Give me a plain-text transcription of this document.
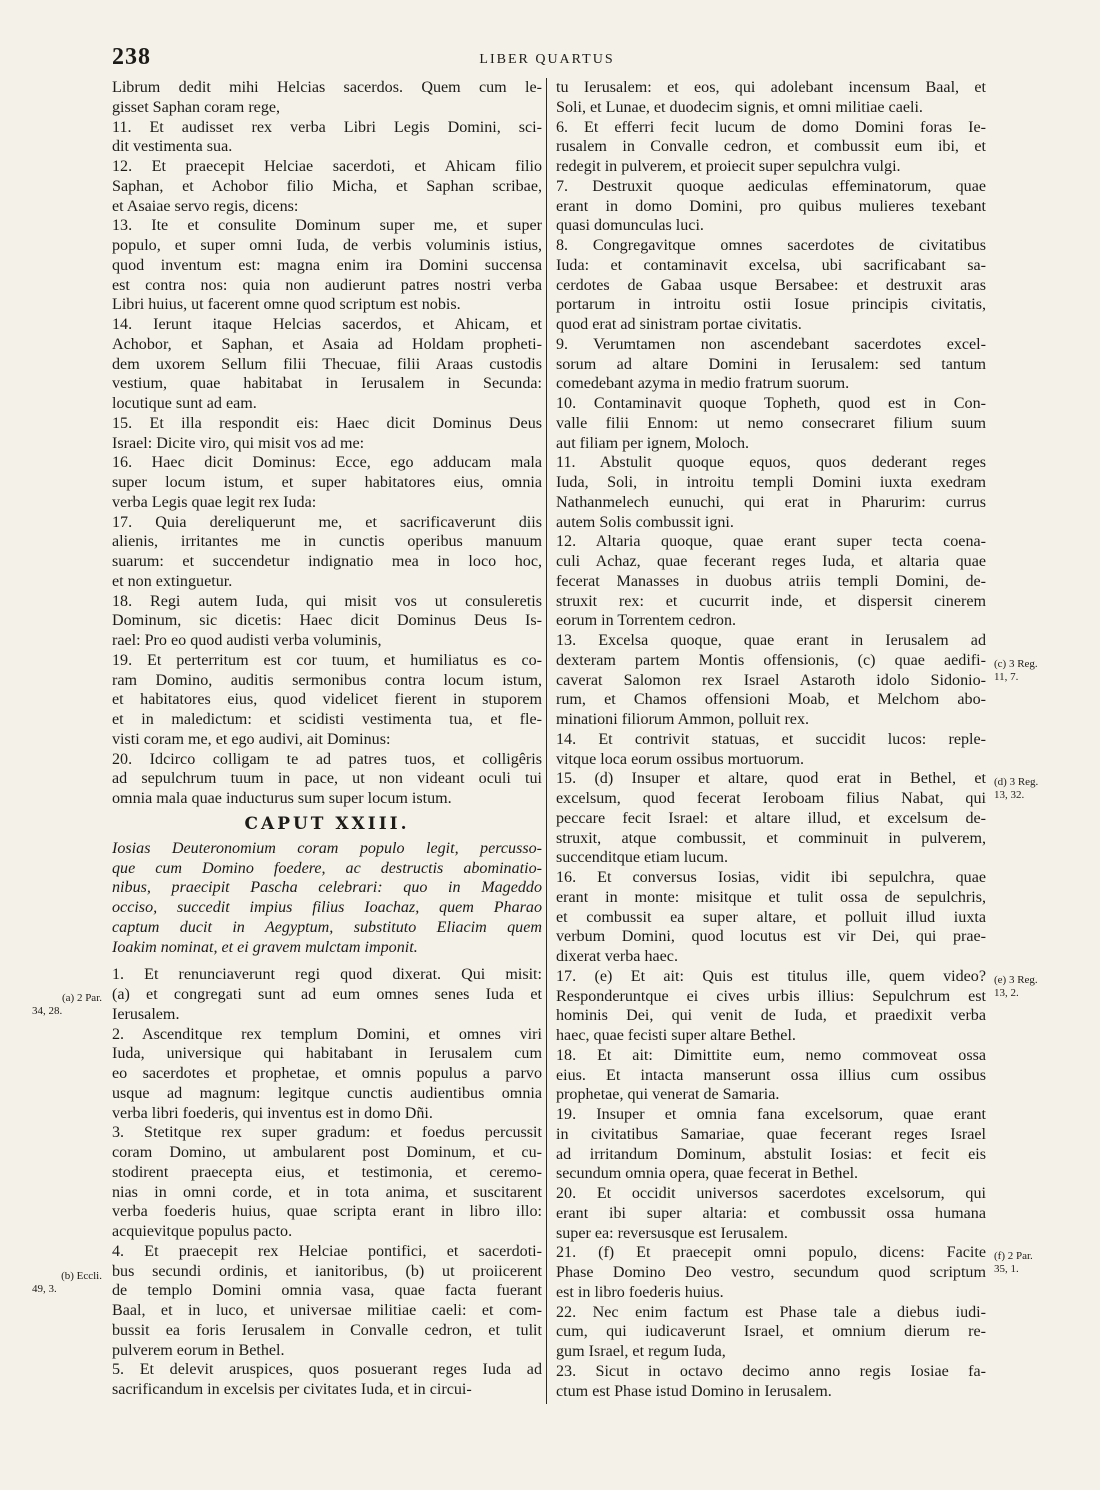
238	LIBER QUARTUS
Librum dedit mihi Helcias sacerdos. Quem cum le-
gisset Saphan coram rege,
11. Et audisset rex verba Libri Legis Domini, sci-
dit vestimenta sua.
12. Et praecepit Helciae sacerdoti, et Ahicam filio
Saphan, et Achobor filio Micha, et Saphan scribae,
et Asaiae servo regis, dicens:
13. Ite et consulite Dominum super me, et super
populo, et super omni Iuda, de verbis voluminis istius,
quod inventum est: magna enim ira Domini succensa
est contra nos: quia non audierunt patres nostri verba
Libri huius, ut facerent omne quod scriptum est nobis.
14. Ierunt itaque Helcias sacerdos, et Ahicam, et
Achobor, et Saphan, et Asaia ad Holdam propheti-
dem uxorem Sellum filii Thecuae, filii Araas custodis
vestium, quae habitabat in Ierusalem in Secunda:
locutique sunt ad eam.
15. Et illa respondit eis: Haec dicit Dominus Deus
Israel: Dicite viro, qui misit vos ad me:
16. Haec dicit Dominus: Ecce, ego adducam mala
super locum istum, et super habitatores eius, omnia
verba Legis quae legit rex Iuda:
17. Quia dereliquerunt me, et sacrificaverunt diis
alienis, irritantes me in cunctis operibus manuum
suarum: et succendetur indignatio mea in loco hoc,
et non extinguetur.
18. Regi autem Iuda, qui misit vos ut consuleretis
Dominum, sic dicetis: Haec dicit Dominus Deus Is-
rael: Pro eo quod audisti verba voluminis,
19. Et perterritum est cor tuum, et humiliatus es co-
ram Domino, auditis sermonibus contra locum istum,
et habitatores eius, quod videlicet fierent in stuporem
et in maledictum: et scidisti vestimenta tua, et fle-
visti coram me, et ego audivi, ait Dominus:
20. Idcirco colligam te ad patres tuos, et colligêris
ad sepulchrum tuum in pace, ut non videant oculi tui
omnia mala quae inducturus sum super locum istum.
CAPUT XXIII.
Iosias Deuteronomium coram populo legit, percusso-
que cum Domino foedere, ac destructis abominatio-
nibus, praecipit Pascha celebrari: quo in Mageddo
occiso, succedit impius filius Ioachaz, quem Pharao
captum ducit in Aegyptum, substituto Eliacim quem
Ioakim nominat, et ei gravem mulctam imponit.
1. Et renunciaverunt regi quod dixerat. Qui misit:
(a) et congregati sunt ad eum omnes senes Iuda et
Ierusalem.
2. Ascenditque rex templum Domini, et omnes viri
Iuda, universique qui habitabant in Ierusalem cum
eo sacerdotes et prophetae, et omnis populus a parvo
usque ad magnum: legitque cunctis audientibus omnia
verba libri foederis, qui inventus est in domo Dñi.
3. Stetitque rex super gradum: et foedus percussit
coram Domino, ut ambularent post Dominum, et cu-
stodirent praecepta eius, et testimonia, et ceremo-
nias in omni corde, et in tota anima, et suscitarent
verba foederis huius, quae scripta erant in libro illo:
acquievitque populus pacto.
4. Et praecepit rex Helciae pontifici, et sacerdoti-
bus secundi ordinis, et ianitoribus, (b) ut proiicerent
de templo Domini omnia vasa, quae facta fuerant
Baal, et in luco, et universae militiae caeli: et com-
bussit ea foris Ierusalem in Convalle cedron, et tulit
pulverem eorum in Bethel.
5. Et delevit aruspices, quos posuerant reges Iuda ad
sacrificandum in excelsis per civitates Iuda, et in circui-
tu Ierusalem: et eos, qui adolebant incensum Baal, et
Soli, et Lunae, et duodecim signis, et omni militiae caeli.
6. Et efferri fecit lucum de domo Domini foras Ie-
rusalem in Convalle cedron, et combussit eum ibi, et
redegit in pulverem, et proiecit super sepulchra vulgi.
7. Destruxit quoque aediculas effeminatorum, quae
erant in domo Domini, pro quibus mulieres texebant
quasi domunculas luci.
8. Congregavitque omnes sacerdotes de civitatibus
Iuda: et contaminavit excelsa, ubi sacrificabant sa-
cerdotes de Gabaa usque Bersabee: et destruxit aras
portarum in introitu ostii Iosue principis civitatis,
quod erat ad sinistram portae civitatis.
9. Verumtamen non ascendebant sacerdotes excel-
sorum ad altare Domini in Ierusalem: sed tantum
comedebant azyma in medio fratrum suorum.
10. Contaminavit quoque Topheth, quod est in Con-
valle filii Ennom: ut nemo consecraret filium suum
aut filiam per ignem, Moloch.
11. Abstulit quoque equos, quos dederant reges
Iuda, Soli, in introitu templi Domini iuxta exedram
Nathanmelech eunuchi, qui erat in Pharurim: currus
autem Solis combussit igni.
12. Altaria quoque, quae erant super tecta coena-
culi Achaz, quae fecerant reges Iuda, et altaria quae
fecerat Manasses in duobus atriis templi Domini, de-
struxit rex: et cucurrit inde, et dispersit cinerem
eorum in Torrentem cedron.
13. Excelsa quoque, quae erant in Ierusalem ad
dexteram partem Montis offensionis, (c) quae aedifi-
caverat Salomon rex Israel Astaroth idolo Sidonio-
rum, et Chamos offensioni Moab, et Melchom abo-
minationi filiorum Ammon, polluit rex.
14. Et contrivit statuas, et succidit lucos: reple-
vitque loca eorum ossibus mortuorum.
15. (d) Insuper et altare, quod erat in Bethel, et
excelsum, quod fecerat Ieroboam filius Nabat, qui
peccare fecit Israel: et altare illud, et excelsum de-
struxit, atque combussit, et comminuit in pulverem,
succenditque etiam lucum.
16. Et conversus Iosias, vidit ibi sepulchra, quae
erant in monte: misitque et tulit ossa de sepulchris,
et combussit ea super altare, et polluit illud iuxta
verbum Domini, quod locutus est vir Dei, qui prae-
dixerat verba haec.
17. (e) Et ait: Quis est titulus ille, quem video?
Responderuntque ei cives urbis illius: Sepulchrum est
hominis Dei, qui venit de Iuda, et praedixit verba
haec, quae fecisti super altare Bethel.
18. Et ait: Dimittite eum, nemo commoveat ossa
eius. Et intacta manserunt ossa illius cum ossibus
prophetae, qui venerat de Samaria.
19. Insuper et omnia fana excelsorum, quae erant
in civitatibus Samariae, quae fecerant reges Israel
ad irritandum Dominum, abstulit Iosias: et fecit eis
secundum omnia opera, quae fecerat in Bethel.
20. Et occidit universos sacerdotes excelsorum, qui
erant ibi super altaria: et combussit ossa humana
super ea: reversusque est Ierusalem.
21. (f) Et praecepit omni populo, dicens: Facite
Phase Domino Deo vestro, secundum quod scriptum
est in libro foederis huius.
22. Nec enim factum est Phase tale a diebus iudi-
cum, qui iudicaverunt Israel, et omnium dierum re-
gum Israel, et regum Iuda,
23. Sicut in octavo decimo anno regis Iosiae fa-
ctum est Phase istud Domino in Ierusalem.
(a) 2 Par.
34, 28.
(b) Eccli.
49, 3.
(c) 3 Reg.
11, 7.
(d) 3 Reg.
13, 32.
(e) 3 Reg.
13, 2.
(f) 2 Par.
35, 1.
